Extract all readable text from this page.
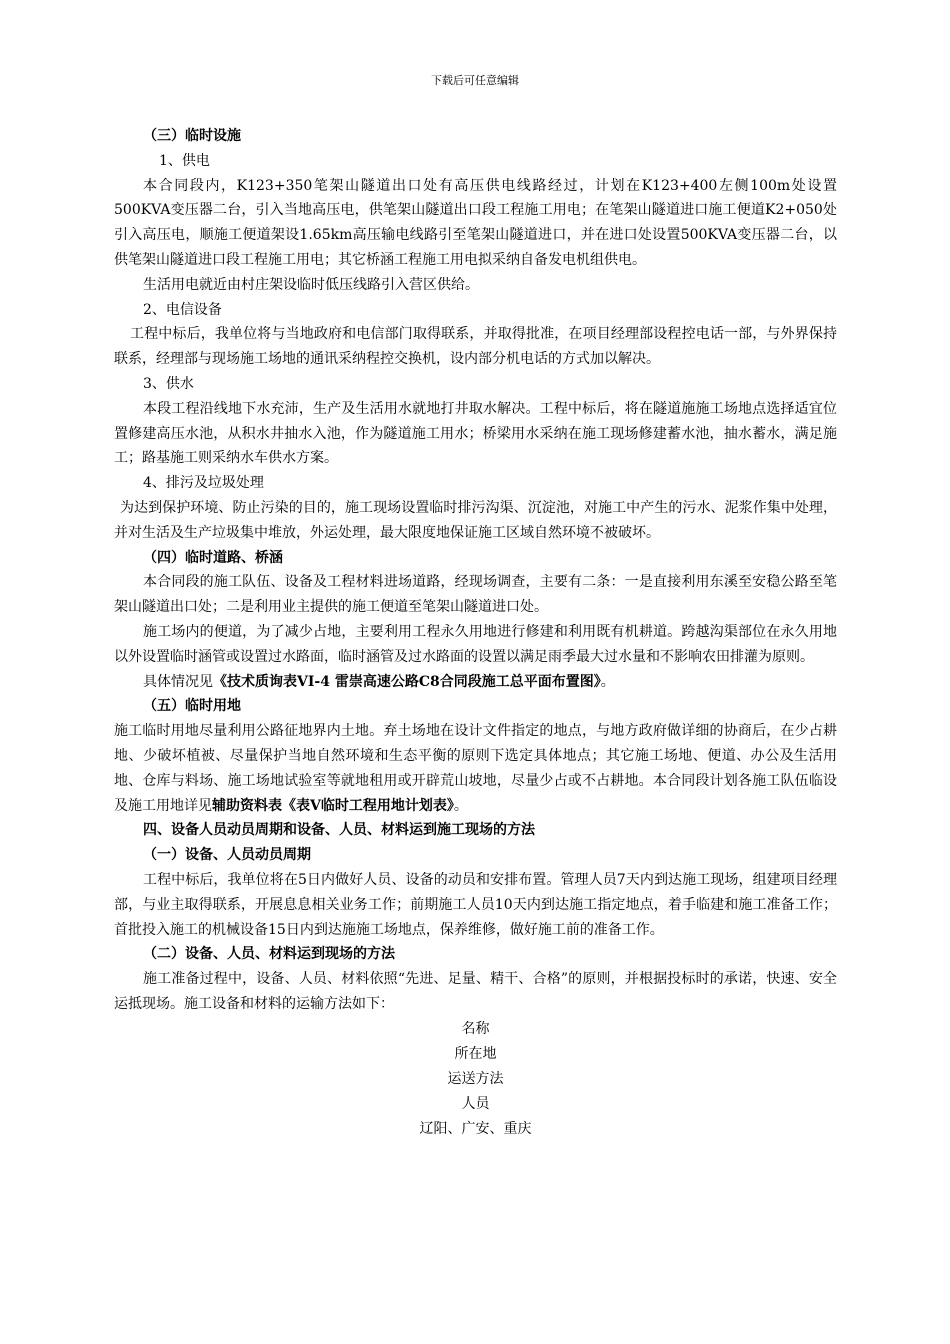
下载后可任意编辑

（三）临时设施

1、供电

本合同段内，K123+350笔架山隧道出口处有高压供电线路经过，计划在K123+400左侧100m处设置500KVA变压器二台，引入当地高压电，供笔架山隧道出口段工程施工用电；在笔架山隧道进口施工便道K2+050处引入高压电，顺施工便道架设1.65km高压输电线路引至笔架山隧道进口，并在进口处设置500KVA变压器二台，以供笔架山隧道进口段工程施工用电；其它桥涵工程施工用电拟采纳自备发电机组供电。

生活用电就近由村庄架设临时低压线路引入营区供给。

2、电信设备

工程中标后，我单位将与当地政府和电信部门取得联系，并取得批准，在项目经理部设程控电话一部，与外界保持联系，经理部与现场施工场地的通讯采纳程控交换机，设内部分机电话的方式加以解决。

3、供水

本段工程沿线地下水充沛，生产及生活用水就地打井取水解决。工程中标后，将在隧道施施工场地点选择适宜位置修建高压水池，从积水井抽水入池，作为隧道施工用水；桥梁用水采纳在施工现场修建蓄水池，抽水蓄水，满足施工；路基施工则采纳水车供水方案。

4、排污及垃圾处理

为达到保护环境、防止污染的目的，施工现场设置临时排污沟渠、沉淀池，对施工中产生的污水、泥浆作集中处理，并对生活及生产垃圾集中堆放，外运处理，最大限度地保证施工区域自然环境不被破坏。

（四）临时道路、桥涵

本合同段的施工队伍、设备及工程材料进场道路，经现场调查，主要有二条：一是直接利用东溪至安稳公路至笔架山隧道出口处；二是利用业主提供的施工便道至笔架山隧道进口处。

施工场内的便道，为了减少占地，主要利用工程永久用地进行修建和利用既有机耕道。跨越沟渠部位在永久用地以外设置临时涵管或设置过水路面，临时涵管及过水路面的设置以满足雨季最大过水量和不影响农田排灌为原则。

具体情况见《技术质询表VI-4 雷崇高速公路C8合同段施工总平面布置图》。

（五）临时用地

施工临时用地尽量利用公路征地界内土地。弃土场地在设计文件指定的地点，与地方政府做详细的协商后，在少占耕地、少破坏植被、尽量保护当地自然环境和生态平衡的原则下选定具体地点；其它施工场地、便道、办公及生活用地、仓库与料场、施工场地试验室等就地租用或开辟荒山坡地，尽量少占或不占耕地。本合同段计划各施工队伍临设及施工用地详见辅助资料表《表V临时工程用地计划表》。

四、设备人员动员周期和设备、人员、材料运到施工现场的方法

（一）设备、人员动员周期

工程中标后，我单位将在5日内做好人员、设备的动员和安排布置。管理人员7天内到达施工现场，组建项目经理部，与业主取得联系，开展息息相关业务工作；前期施工人员10天内到达施工指定地点，着手临建和施工准备工作；首批投入施工的机械设备15日内到达施施工场地点，保养维修，做好施工前的准备工作。

（二）设备、人员、材料运到现场的方法

施工准备过程中，设备、人员、材料依照“先进、足量、精干、合格”的原则，并根据投标时的承诺，快速、安全运抵现场。施工设备和材料的运输方法如下：

名称

所在地

运送方法

人员

辽阳、广安、重庆
